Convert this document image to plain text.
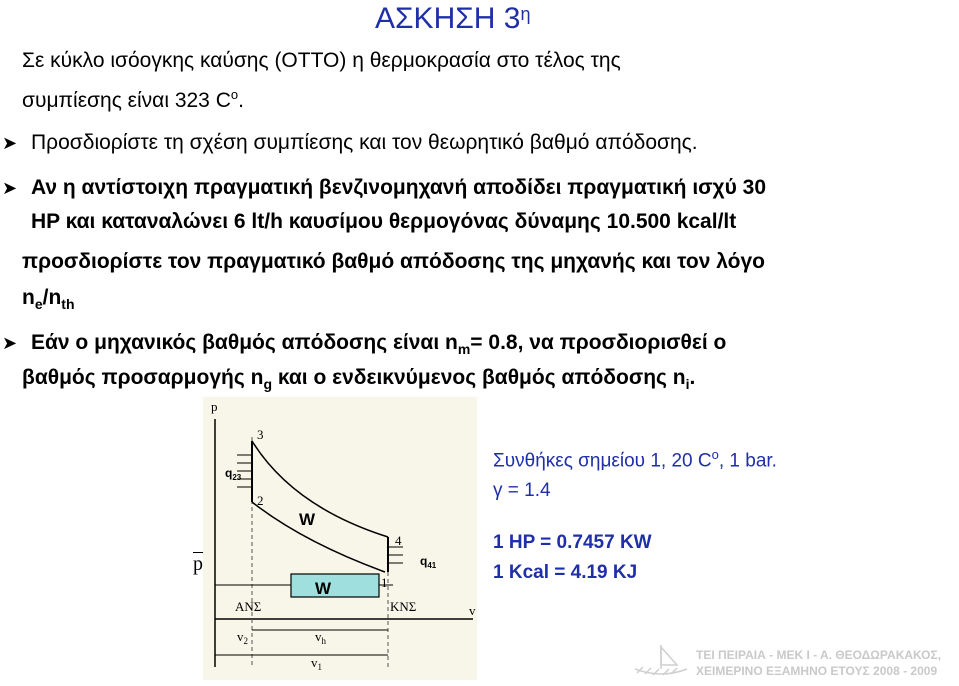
ΑΣΚΗΣΗ $3^\eta$
Σε κύκλο ισόογκης καύσης (ΟΤΤΟ) η θερμοκρασία στο τέλος της
συμπίεσης είναι 323 $C^o$.
➤ Προσδιορίστε τη σχέση συμπίεσης και τον θεωρητικό βαθμό απόδοσης.
➤ Αν η αντίστοιχη πραγματική βενζινομηχανή αποδίδει πραγματική ισχύ 30
HP και καταναλώνει 6 lt/h καυσίμου θερμογόνας δύναμης 10.500 kcal/lt
προσδιορίστε τον πραγματικό βαθμό απόδοσης της μηχανής και τον λόγο
$n_e/n_{th}$
➤ Εάν ο μηχανικός βαθμός απόδοσης είναι $n_m= 0.8$, να προσδιορισθεί ο
βαθμός προσαρμογής $n_g$ και ο ενδεικνύμενος βαθμός απόδοσης $n_i$.
p
v
3
2
4
1
ΑΝΣ	ΚΝΣ
$v_2$	$v_h$
$v_1$
$q_{23}$
$q_{41}$
W
W
p
Συνθήκες σημείου 1, 20 $C^o$, 1 bar.
γ = 1.4
1 HP = 0.7457 KW
1 Kcal = 4.19 KJ
ΤΕΙ ΠΕΙΡΑΙΑ - ΜΕΚ Ι - Α. ΘΕΟΔΩΡΑΚΑΚΟΣ,
ΧΕΙΜΕΡΙΝΟ ΕΞΑΜΗΝΟ ΕΤΟΥΣ 2008 - 2009
